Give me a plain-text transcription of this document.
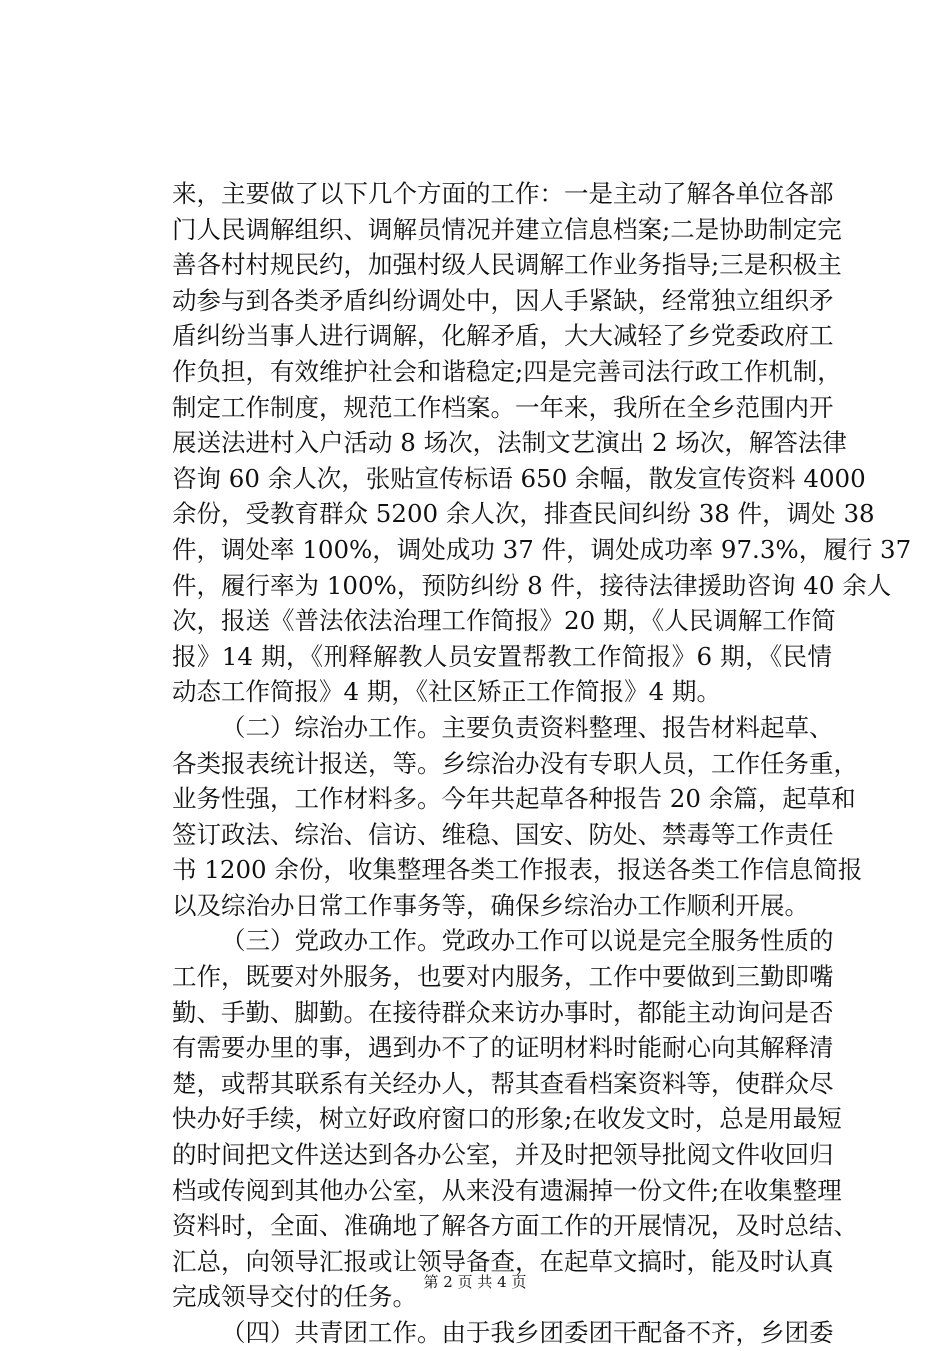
来，主要做了以下几个方面的工作：一是主动了解各单位各部
门人民调解组织、调解员情况并建立信息档案;二是协助制定完
善各村村规民约，加强村级人民调解工作业务指导;三是积极主
动参与到各类矛盾纠纷调处中，因人手紧缺，经常独立组织矛
盾纠纷当事人进行调解，化解矛盾，大大减轻了乡党委政府工
作负担，有效维护社会和谐稳定;四是完善司法行政工作机制，
制定工作制度，规范工作档案。一年来，我所在全乡范围内开
展送法进村入户活动 8 场次，法制文艺演出 2 场次，解答法律
咨询 60 余人次，张贴宣传标语 650 余幅，散发宣传资料 4000
余份，受教育群众 5200 余人次，排查民间纠纷 38 件，调处 38
件，调处率 100%，调处成功 37 件，调处成功率 97.3%，履行 37
件，履行率为 100%，预防纠纷 8 件，接待法律援助咨询 40 余人
次，报送《普法依法治理工作简报》20 期，《人民调解工作简
报》14 期，《刑释解教人员安置帮教工作简报》6 期，《民情
动态工作简报》4 期，《社区矫正工作简报》4 期。
（二）综治办工作。主要负责资料整理、报告材料起草、
各类报表统计报送，等。乡综治办没有专职人员，工作任务重，
业务性强，工作材料多。今年共起草各种报告 20 余篇，起草和
签订政法、综治、信访、维稳、国安、防处、禁毒等工作责任
书 1200 余份，收集整理各类工作报表，报送各类工作信息简报
以及综治办日常工作事务等，确保乡综治办工作顺利开展。
（三）党政办工作。党政办工作可以说是完全服务性质的
工作，既要对外服务，也要对内服务，工作中要做到三勤即嘴
勤、手勤、脚勤。在接待群众来访办事时，都能主动询问是否
有需要办里的事，遇到办不了的证明材料时能耐心向其解释清
楚，或帮其联系有关经办人，帮其查看档案资料等，使群众尽
快办好手续，树立好政府窗口的形象;在收发文时，总是用最短
的时间把文件送达到各办公室，并及时把领导批阅文件收回归
档或传阅到其他办公室，从来没有遗漏掉一份文件;在收集整理
资料时，全面、准确地了解各方面工作的开展情况，及时总结、
汇总，向领导汇报或让领导备查，在起草文搞时，能及时认真
完成领导交付的任务。
（四）共青团工作。由于我乡团委团干配备不齐，乡团委
第 2 页 共 4 页
